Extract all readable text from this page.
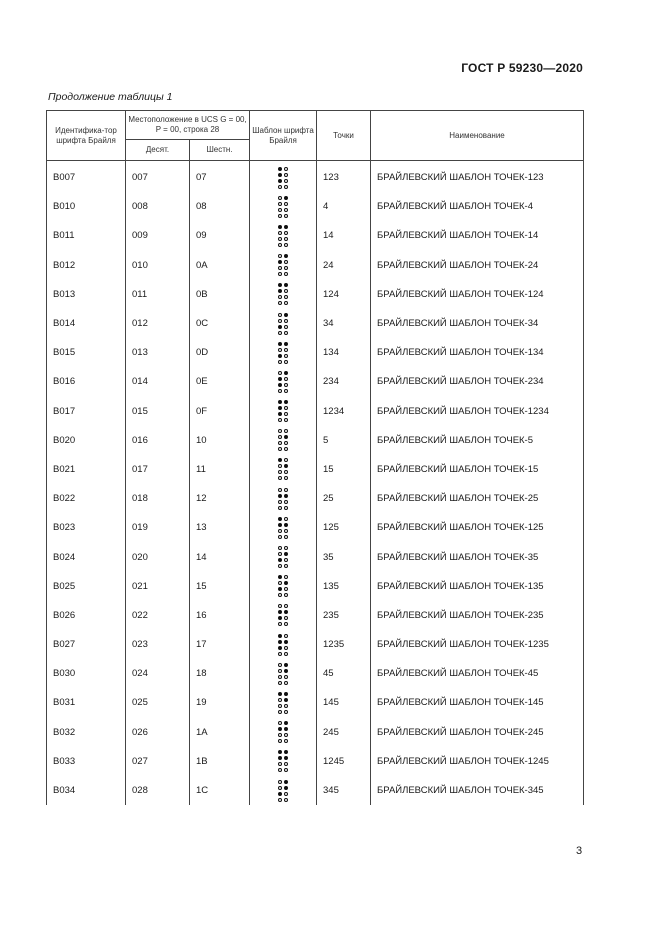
ГОСТ Р 59230—2020
Продолжение таблицы 1
Идентифика-тор шрифта Брайля	Местоположение в UCS G = 00, P = 00, строка 28		Шаблон шрифта Брайля	Точки	Наименование
	Десят.	Шестн.			

B007	007	07		123	БРАЙЛЕВСКИЙ ШАБЛОН ТОЧЕК-123
B010	008	08		4	БРАЙЛЕВСКИЙ ШАБЛОН ТОЧЕК-4
B011	009	09		14	БРАЙЛЕВСКИЙ ШАБЛОН ТОЧЕК-14
B012	010	0A		24	БРАЙЛЕВСКИЙ ШАБЛОН ТОЧЕК-24
B013	011	0B		124	БРАЙЛЕВСКИЙ ШАБЛОН ТОЧЕК-124
B014	012	0C		34	БРАЙЛЕВСКИЙ ШАБЛОН ТОЧЕК-34
B015	013	0D		134	БРАЙЛЕВСКИЙ ШАБЛОН ТОЧЕК-134
B016	014	0E		234	БРАЙЛЕВСКИЙ ШАБЛОН ТОЧЕК-234
B017	015	0F		1234	БРАЙЛЕВСКИЙ ШАБЛОН ТОЧЕК-1234
B020	016	10		5	БРАЙЛЕВСКИЙ ШАБЛОН ТОЧЕК-5
B021	017	11		15	БРАЙЛЕВСКИЙ ШАБЛОН ТОЧЕК-15
B022	018	12		25	БРАЙЛЕВСКИЙ ШАБЛОН ТОЧЕК-25
B023	019	13		125	БРАЙЛЕВСКИЙ ШАБЛОН ТОЧЕК-125
B024	020	14		35	БРАЙЛЕВСКИЙ ШАБЛОН ТОЧЕК-35
B025	021	15		135	БРАЙЛЕВСКИЙ ШАБЛОН ТОЧЕК-135
B026	022	16		235	БРАЙЛЕВСКИЙ ШАБЛОН ТОЧЕК-235
B027	023	17		1235	БРАЙЛЕВСКИЙ ШАБЛОН ТОЧЕК-1235
B030	024	18		45	БРАЙЛЕВСКИЙ ШАБЛОН ТОЧЕК-45
B031	025	19		145	БРАЙЛЕВСКИЙ ШАБЛОН ТОЧЕК-145
B032	026	1A		245	БРАЙЛЕВСКИЙ ШАБЛОН ТОЧЕК-245
B033	027	1B		1245	БРАЙЛЕВСКИЙ ШАБЛОН ТОЧЕК-1245
B034	028	1C		345	БРАЙЛЕВСКИЙ ШАБЛОН ТОЧЕК-345
3
